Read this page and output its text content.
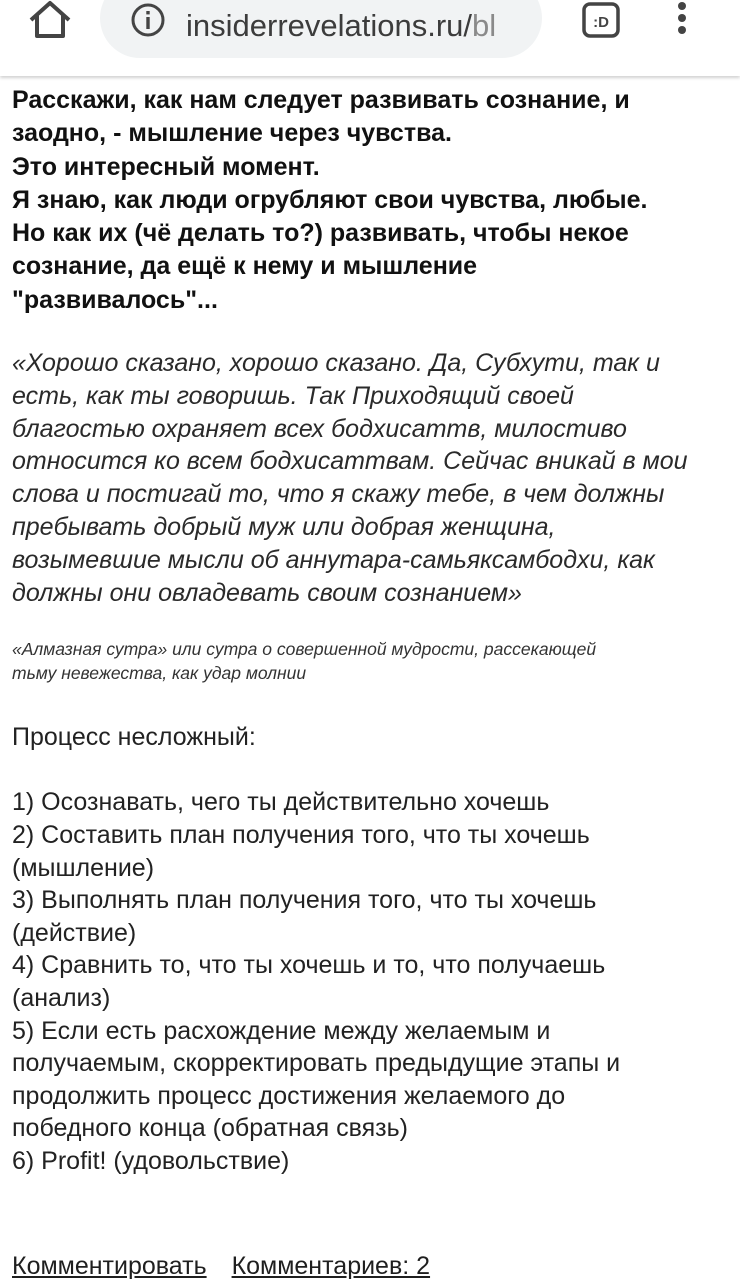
insiderrevelations.ru/bl	:D
Расскажи, как нам следует развивать сознание, и
заодно, - мышление через чувства.
Это интересный момент.
Я знаю, как люди огрубляют свои чувства, любые.
Но как их (чё делать то?) развивать, чтобы некое
сознание, да ещё к нему и мышление
"развивалось"...
«Хорошо сказано, хорошо сказано. Да, Субхути, так и
есть, как ты говоришь. Так Приходящий своей
благостью охраняет всех бодхисаттв, милостиво
относится ко всем бодхисаттвам. Сейчас вникай в мои
слова и постигай то, что я скажу тебе, в чем должны
пребывать добрый муж или добрая женщина,
возымевшие мысли об аннутара-самьяксамбодхи, как
должны они овладевать своим сознанием»
«Алмазная сутра» или сутра о совершенной мудрости, рассекающей
тьму невежества, как удар молнии
Процесс несложный:
1) Осознавать, чего ты действительно хочешь
2) Составить план получения того, что ты хочешь
(мышление)
3) Выполнять план получения того, что ты хочешь
(действие)
4) Сравнить то, что ты хочешь и то, что получаешь
(анализ)
5) Если есть расхождение между желаемым и
получаемым, скорректировать предыдущие этапы и
продолжить процесс достижения желаемого до
победного конца (обратная связь)
6) Profit! (удовольствие)
Комментировать Комментариев: 2
